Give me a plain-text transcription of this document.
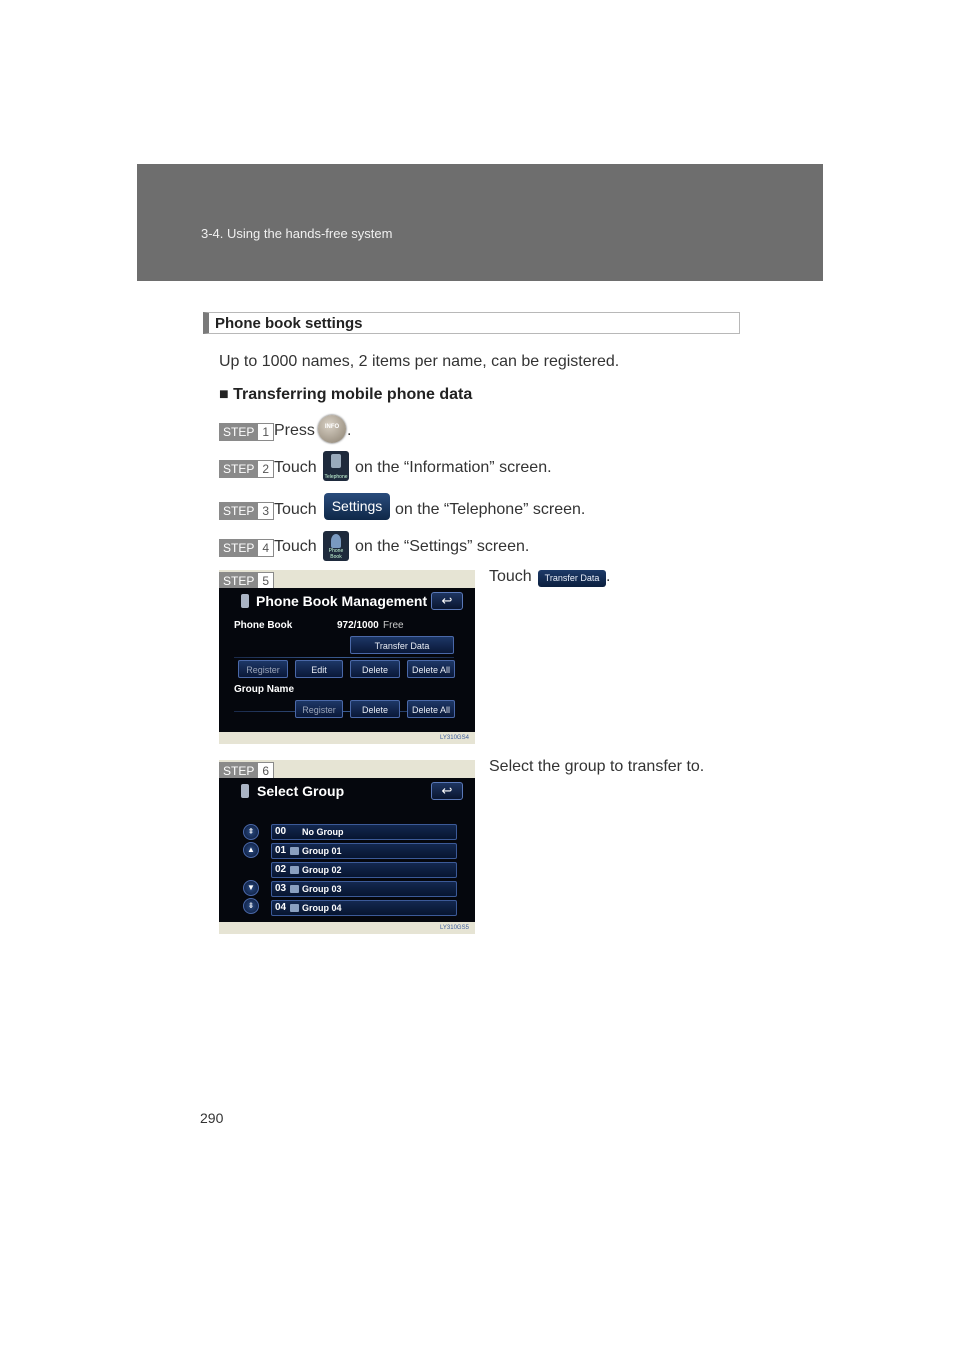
3-4. Using the hands-free system
Phone book settings
Up to 1000 names, 2 items per name, can be registered.
■ Transferring mobile phone data
STEP 1 Press	INFO .
STEP 2 Touch
Telephone
on the “Information” screen.
STEP 3 Touch	Settings on the “Telephone” screen.
STEP 4 Touch	Phone Book
on the “Settings” screen.
STEP 5
Phone Book Management	↩
Phone Book	972/1000 Free
Transfer Data
Register	Edit	Delete	Delete All
Group Name
Register	Delete	Delete All
LY310GS4
Touch	Transfer Data .
STEP 6
Select Group	↩
⇞
▲
▼
⇟
00 No Group
01 Group 01
02 Group 02
03 Group 03
04 Group 04
LY310GS5
Select the group to transfer to.
290
